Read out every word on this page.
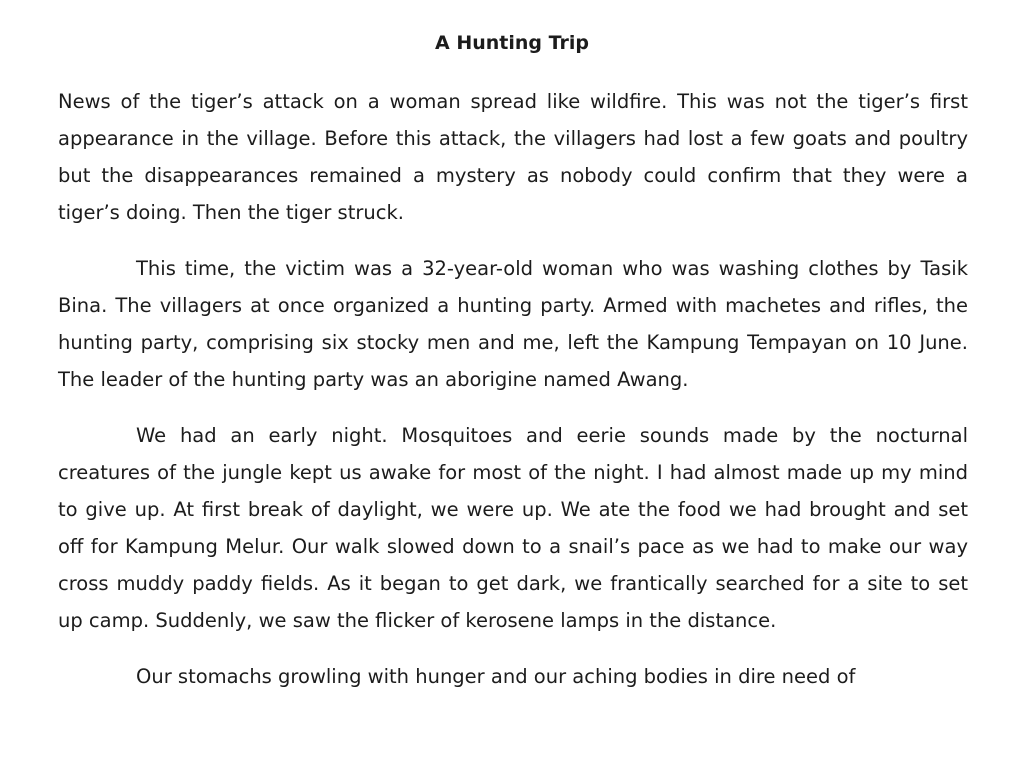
A Hunting Trip

News of the tiger’s attack on a woman spread like wildfire. This was not the tiger’s first appearance in the village. Before this attack, the villagers had lost a few goats and poultry but the disappearances remained a mystery as nobody could confirm that they were a tiger’s doing. Then the tiger struck.

This time, the victim was a 32-year-old woman who was washing clothes by Tasik Bina. The villagers at once organized a hunting party. Armed with machetes and rifles, the hunting party, comprising six stocky men and me, left the Kampung Tempayan on 10 June. The leader of the hunting party was an aborigine named Awang.

We had an early night. Mosquitoes and eerie sounds made by the nocturnal creatures of the jungle kept us awake for most of the night. I had almost made up my mind to give up. At first break of daylight, we were up. We ate the food we had brought and set off for Kampung Melur. Our walk slowed down to a snail’s pace as we had to make our way cross muddy paddy fields. As it began to get dark, we frantically searched for a site to set up camp. Suddenly, we saw the flicker of kerosene lamps in the distance.

Our stomachs growling with hunger and our aching bodies in dire need of
